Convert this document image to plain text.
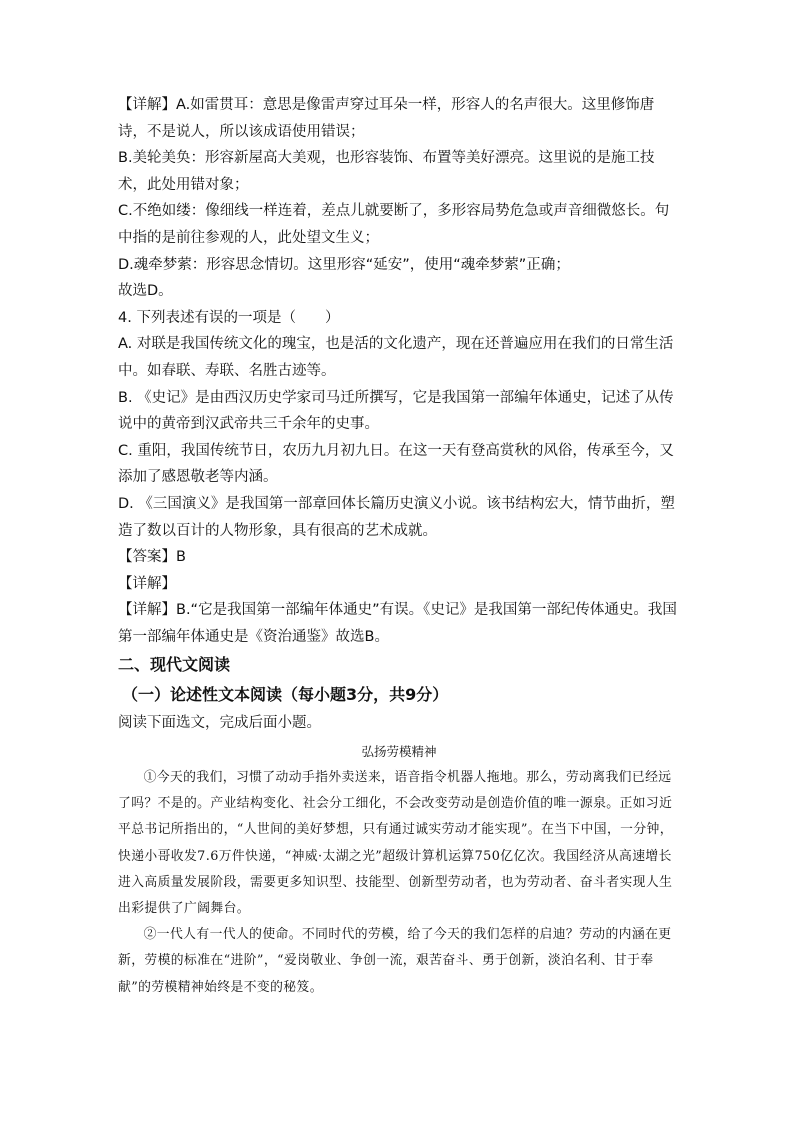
【详解】A.如雷贯耳：意思是像雷声穿过耳朵一样，形容人的名声很大。这里修饰唐诗，不是说人，所以该成语使用错误；

B.美轮美奂：形容新屋高大美观，也形容装饰、布置等美好漂亮。这里说的是施工技术，此处用错对象；

C.不绝如缕：像细线一样连着，差点儿就要断了，多形容局势危急或声音细微悠长。句中指的是前往参观的人，此处望文生义；

D.魂牵梦萦：形容思念情切。这里形容“延安”，使用“魂牵梦萦”正确；

故选D。

4. 下列表述有误的一项是（　　）

A. 对联是我国传统文化的瑰宝，也是活的文化遗产，现在还普遍应用在我们的日常生活中。如春联、寿联、名胜古迹等。

B. 《史记》是由西汉历史学家司马迁所撰写，它是我国第一部编年体通史，记述了从传说中的黄帝到汉武帝共三千余年的史事。

C. 重阳，我国传统节日，农历九月初九日。在这一天有登高赏秋的风俗，传承至今，又添加了感恩敬老等内涵。

D. 《三国演义》是我国第一部章回体长篇历史演义小说。该书结构宏大，情节曲折，塑造了数以百计的人物形象，具有很高的艺术成就。

【答案】B

【详解】

【详解】B.“它是我国第一部编年体通史”有误。《史记》是我国第一部纪传体通史。我国第一部编年体通史是《资治通鉴》故选B。

二、现代文阅读

（一）论述性文本阅读（每小题3分，共9分）

阅读下面选文，完成后面小题。

弘扬劳模精神

①今天的我们，习惯了动动手指外卖送来，语音指令机器人拖地。那么，劳动离我们已经远了吗？不是的。产业结构变化、社会分工细化，不会改变劳动是创造价值的唯一源泉。正如习近平总书记所指出的，“人世间的美好梦想，只有通过诚实劳动才能实现”。在当下中国，一分钟，快递小哥收发7.6万件快递，“神威·太湖之光”超级计算机运算750亿亿次。我国经济从高速增长进入高质量发展阶段，需要更多知识型、技能型、创新型劳动者，也为劳动者、奋斗者实现人生出彩提供了广阔舞台。

②一代人有一代人的使命。不同时代的劳模，给了今天的我们怎样的启迪？劳动的内涵在更新，劳模的标准在“进阶”，“爱岗敬业、争创一流，艰苦奋斗、勇于创新，淡泊名利、甘于奉献”的劳模精神始终是不变的秘笈。
